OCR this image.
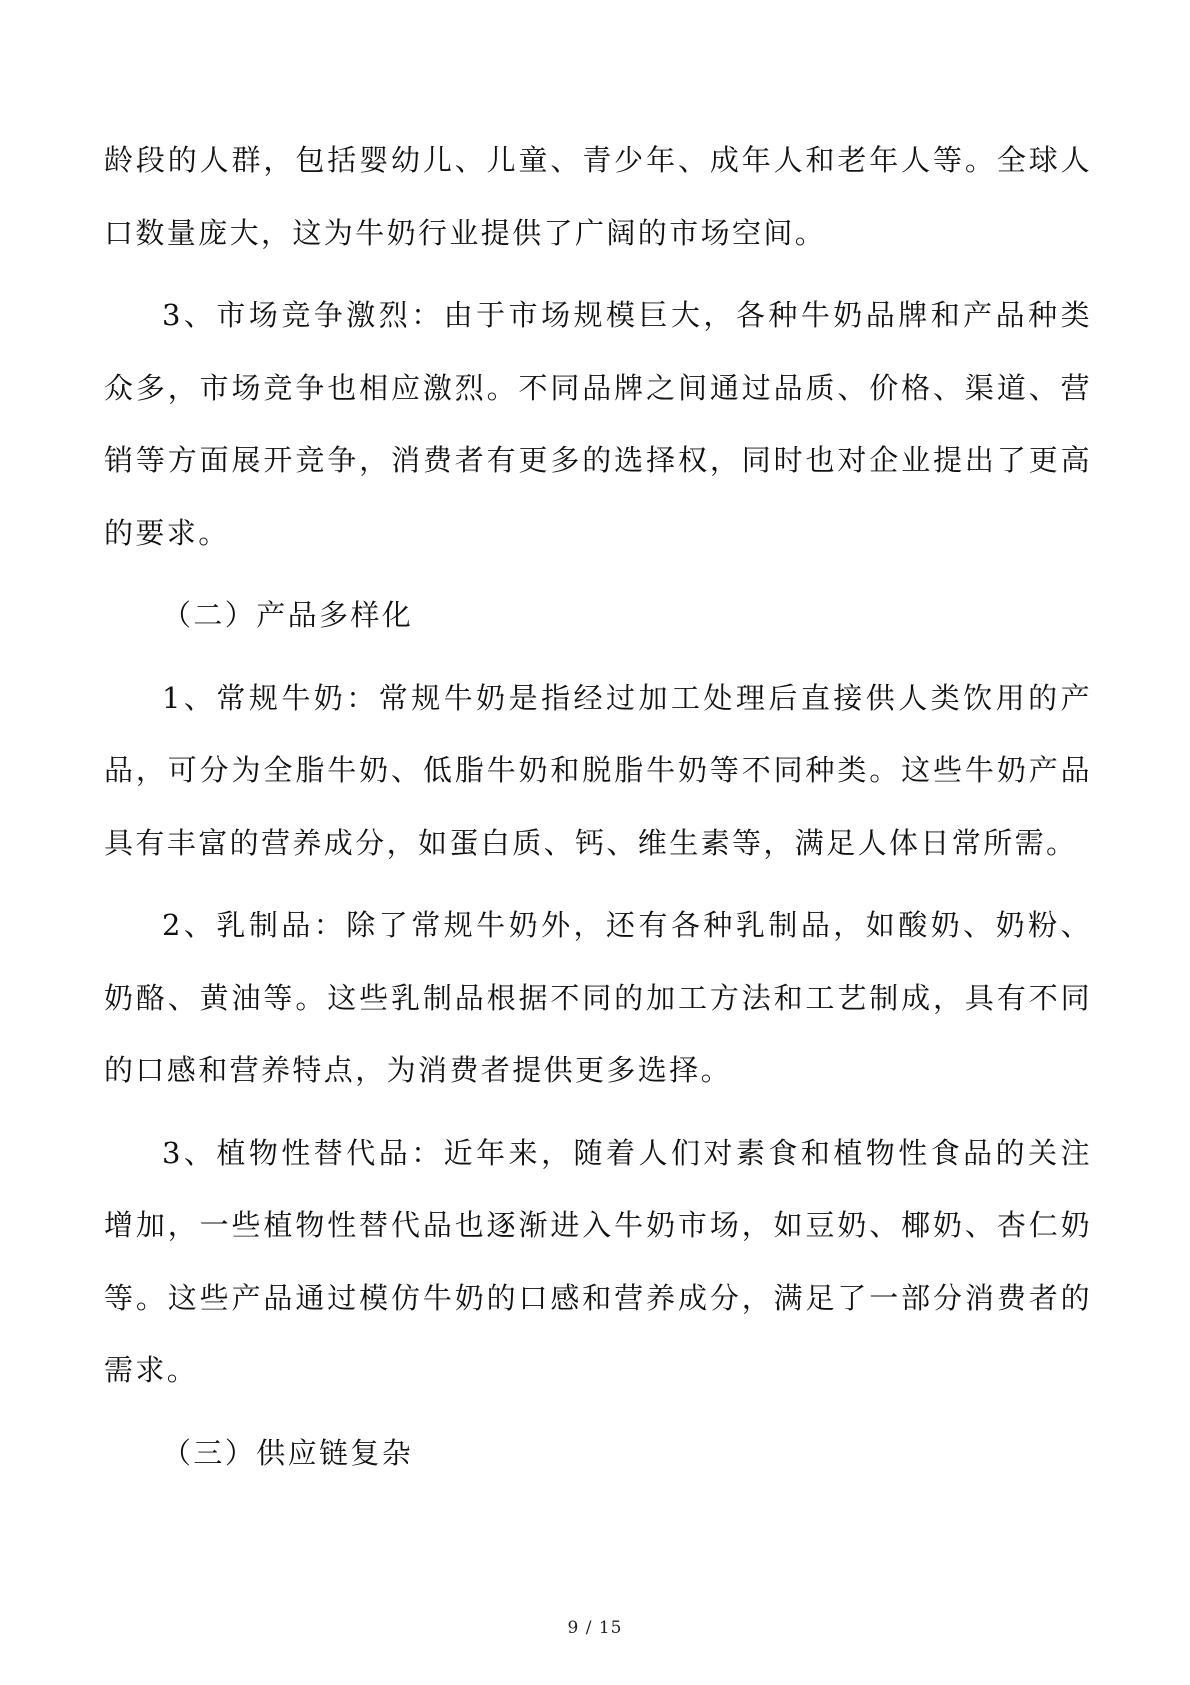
龄段的人群，包括婴幼儿、儿童、青少年、成年人和老年人等。全球人口数量庞大，这为牛奶行业提供了广阔的市场空间。

3、市场竞争激烈：由于市场规模巨大，各种牛奶品牌和产品种类众多，市场竞争也相应激烈。不同品牌之间通过品质、价格、渠道、营销等方面展开竞争，消费者有更多的选择权，同时也对企业提出了更高的要求。

（二）产品多样化

1、常规牛奶：常规牛奶是指经过加工处理后直接供人类饮用的产品，可分为全脂牛奶、低脂牛奶和脱脂牛奶等不同种类。这些牛奶产品具有丰富的营养成分，如蛋白质、钙、维生素等，满足人体日常所需。

2、乳制品：除了常规牛奶外，还有各种乳制品，如酸奶、奶粉、奶酪、黄油等。这些乳制品根据不同的加工方法和工艺制成，具有不同的口感和营养特点，为消费者提供更多选择。

3、植物性替代品：近年来，随着人们对素食和植物性食品的关注增加，一些植物性替代品也逐渐进入牛奶市场，如豆奶、椰奶、杏仁奶等。这些产品通过模仿牛奶的口感和营养成分，满足了一部分消费者的需求。

（三）供应链复杂

9 / 15
